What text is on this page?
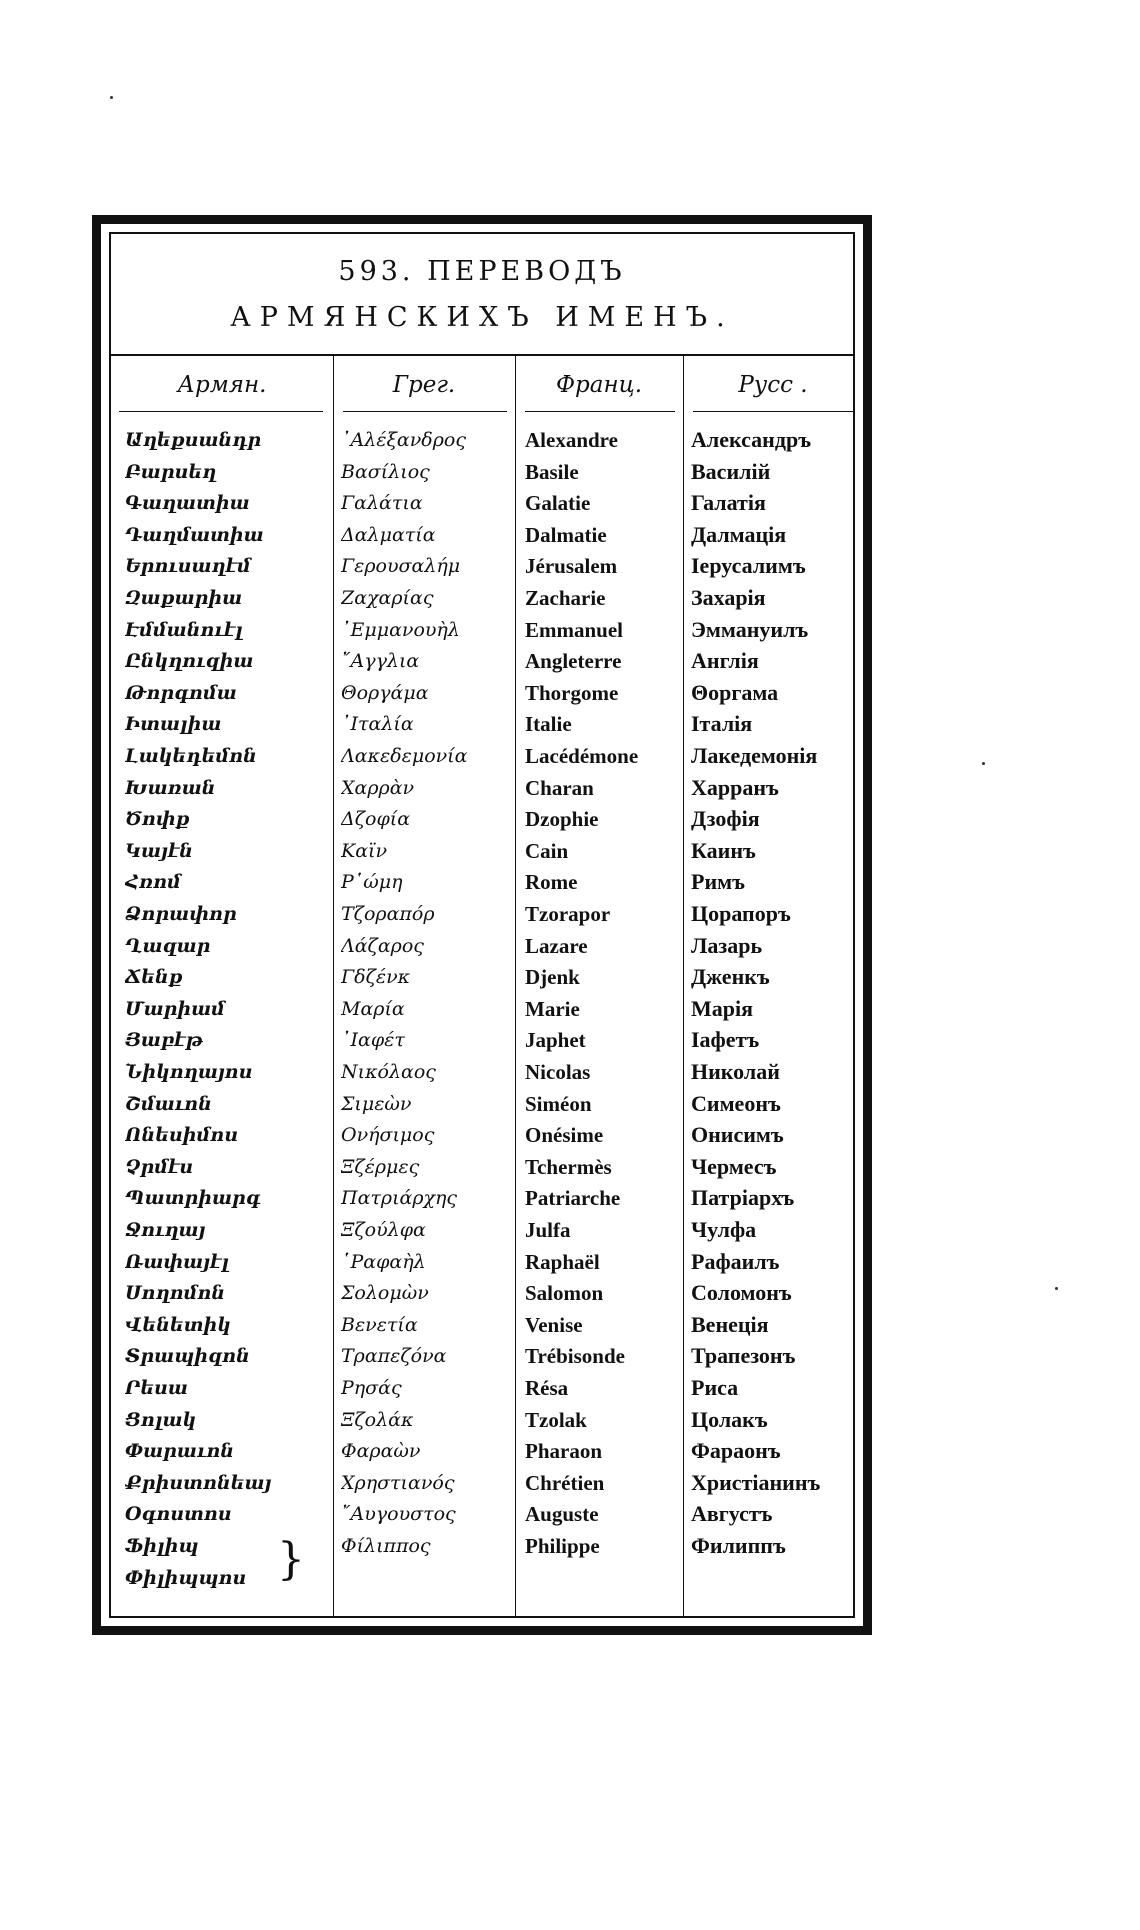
593. ПЕРЕВОДЪ
АРМЯНСКИХЪ ИМЕНЪ.
Армян.	Грег.	Франц.	Русс .
Աղեքսանդր	᾿Αλέξανδρος	Alexandre	Александръ
Բարսեղ	Βασίλιος	Basile	Василій
Գաղատիա	Γαλάτια	Galatie	Галатія
Դաղմատիա	Δαλματία	Dalmatie	Далмація
Երուսաղէմ	Γερουσαλήμ	Jérusalem	Іерусалимъ
Զաքարիա	Ζαχαρίας	Zacharie	Захарія
Էմմանուէլ	᾿Εμμανουὴλ	Emmanuel	Эммануилъ
Ընկղուզիա	῎Αγγλια	Angleterre	Англія
Թորգոմա	Θοργάμα	Thorgome	Θоргама
Իտալիա	᾿Ιταλία	Italie	Італія
Լակեդեմոն	Λακεδεμονία	Lacédémone	Лакедемонія
Խառան	Χαρρὰν	Charan	Харранъ
Ծոփք	Δζοφία	Dzophie	Дзофія
Կայէն	Καϊν	Cain	Каинъ
Հռոմ	Ρ῾ώμη	Rome	Римъ
Ձորափոր	Τζοραπόρ	Tzorapor	Цорапоръ
Ղազար	Λάζαρος	Lazare	Лазарь
Ճենք	Γδζένκ	Djenk	Дженкъ
Մարիամ	Μαρία	Marie	Марія
Յաբէթ	᾿Ιαφέτ	Japhet	Іафетъ
Նիկողայոս	Νικόλαος	Nicolas	Николай
Շմաւոն	Σιμεὼν	Siméon	Симеонъ
Ոնեսիմոս	Ονήσιμος	Onésime	Онисимъ
Չրմէս	Ξζέρμες	Tchermès	Чермесъ
Պատրիարգ	Πατριάρχης	Patriarche	Патріархъ
Ջուղայ	Ξζούλφα	Julfa	Чулфа
Ռափայէլ	῾Ραφαὴλ	Raphaël	Рафаилъ
Սողոմոն	Σολομὼν	Salomon	Соломонъ
Վենետիկ	Βενετία	Venise	Венеція
Տրապիզոն	Τραπεζόνα	Trébisonde	Трапезонъ
Րեսա	Ρησάς	Résa	Риса
Ցոլակ	Ξζολάκ	Tzolak	Цолакъ
Փարաւոն	Φαραὼν	Pharaon	Фараонъ
Քրիստոնեայ	Χρηστιανός	Chrétien	Христіанинъ
Օգոստոս	῎Αυγουστος	Auguste	Августъ
Ֆիլիպ	Φίλιππος	Philippe	Филиппъ
Փիլիպպոս }
